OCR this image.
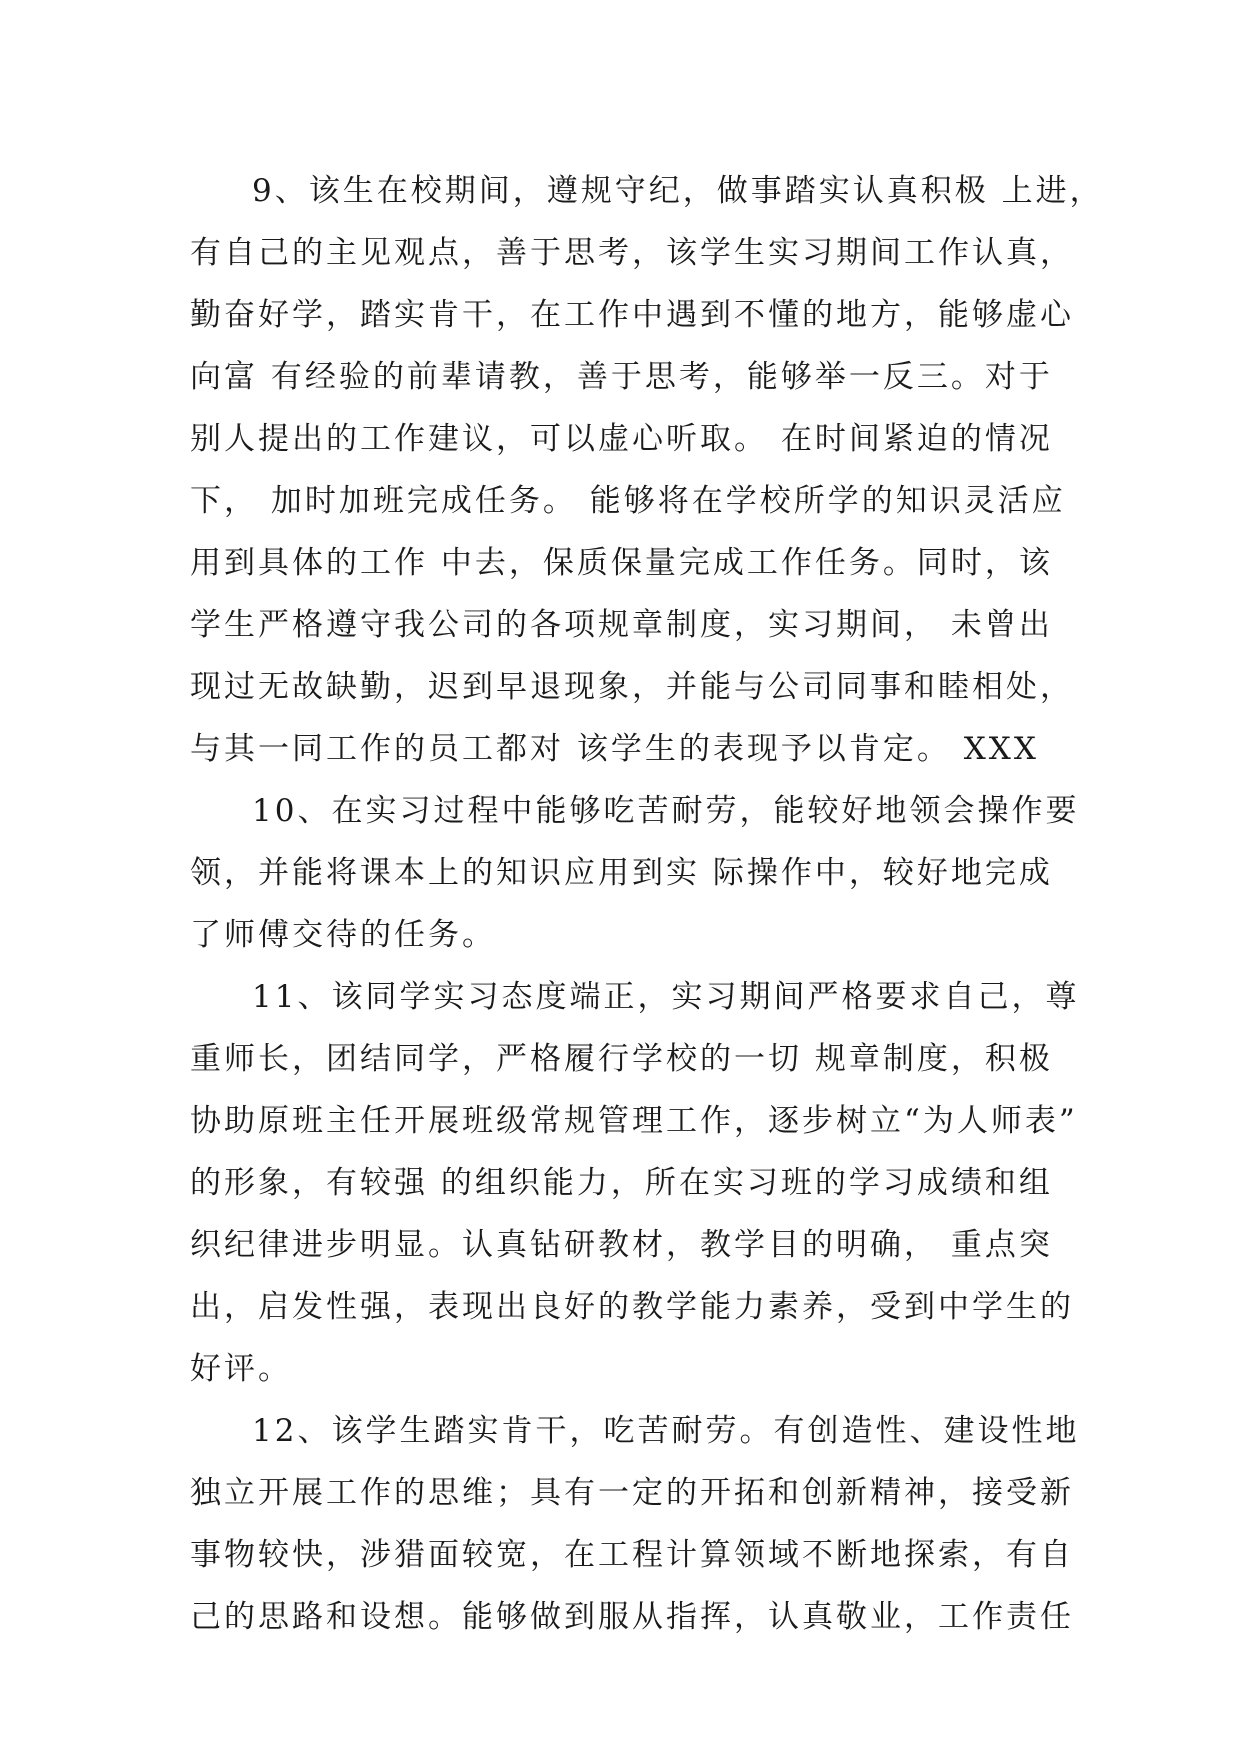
9、该生在校期间，遵规守纪，做事踏实认真积极 上进，
有自己的主见观点，善于思考，该学生实习期间工作认真，
勤奋好学，踏实肯干，在工作中遇到不懂的地方，能够虚心
向富 有经验的前辈请教，善于思考，能够举一反三。对于
别人提出的工作建议，可以虚心听取。 在时间紧迫的情况
下， 加时加班完成任务。 能够将在学校所学的知识灵活应
用到具体的工作 中去，保质保量完成工作任务。同时，该
学生严格遵守我公司的各项规章制度，实习期间， 未曾出
现过无故缺勤，迟到早退现象，并能与公司同事和睦相处，
与其一同工作的员工都对 该学生的表现予以肯定。 XXX
10、在实习过程中能够吃苦耐劳，能较好地领会操作要
领，并能将课本上的知识应用到实 际操作中，较好地完成
了师傅交待的任务。
11、该同学实习态度端正，实习期间严格要求自己，尊
重师长，团结同学，严格履行学校的一切 规章制度，积极
协助原班主任开展班级常规管理工作，逐步树立“为人师表”
的形象，有较强 的组织能力，所在实习班的学习成绩和组
织纪律进步明显。认真钻研教材，教学目的明确， 重点突
出，启发性强，表现出良好的教学能力素养，受到中学生的
好评。
12、该学生踏实肯干，吃苦耐劳。有创造性、建设性地
独立开展工作的思维；具有一定的开拓和创新精神，接受新
事物较快，涉猎面较宽，在工程计算领域不断地探索，有自
己的思路和设想。能够做到服从指挥，认真敬业，工作责任
